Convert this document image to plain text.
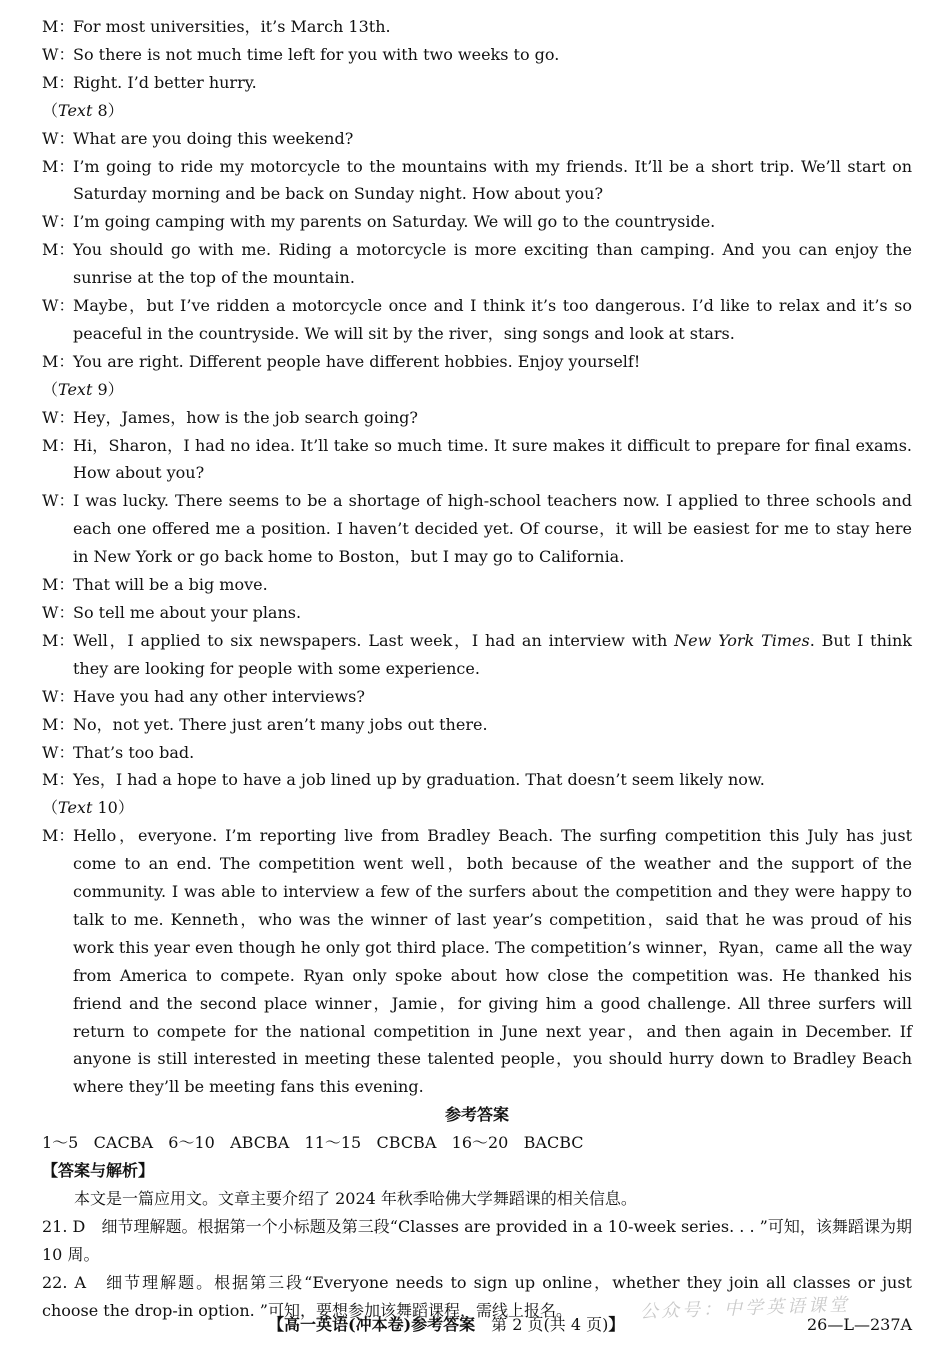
M：
For most universities，it’s March 13th.
W：
So there is not much time left for you with two weeks to go.
M：
Right. I’d better hurry.
（Text 8）
W：
What are you doing this weekend?
M：
I’m going to ride my motorcycle to the mountains with my friends. It’ll be a short trip. We’ll start on Saturday morning and be back on Sunday night. How about you?
W：
I’m going camping with my parents on Saturday. We will go to the countryside.
M：
You should go with me. Riding a motorcycle is more exciting than camping. And you can enjoy the sunrise at the top of the mountain.
W：
Maybe，but I’ve ridden a motorcycle once and I think it’s too dangerous. I’d like to relax and it’s so peaceful in the countryside. We will sit by the river，sing songs and look at stars.
M：
You are right. Different people have different hobbies. Enjoy yourself!
（Text 9）
W：
Hey，James，how is the job search going?
M：
Hi，Sharon，I had no idea. It’ll take so much time. It sure makes it difficult to prepare for final exams. How about you?
W：
I was lucky. There seems to be a shortage of high-school teachers now. I applied to three schools and each one offered me a position. I haven’t decided yet. Of course，it will be easiest for me to stay here in New York or go back home to Boston，but I may go to California.
M：
That will be a big move.
W：
So tell me about your plans.
M：
Well，I applied to six newspapers. Last week，I had an interview with New York Times. But I think they are looking for people with some experience.
W：
Have you had any other interviews?
M：
No，not yet. There just aren’t many jobs out there.
W：
That’s too bad.
M：
Yes，I had a hope to have a job lined up by graduation. That doesn’t seem likely now.
（Text 10）
M：
Hello，everyone. I’m reporting live from Bradley Beach. The surfing competition this July has just come to an end. The competition went well，both because of the weather and the support of the community. I was able to interview a few of the surfers about the competition and they were happy to talk to me. Kenneth，who was the winner of last year’s competition，said that he was proud of his work this year even though he only got third place. The competition’s winner，Ryan，came all the way from America to compete. Ryan only spoke about how close the competition was. He thanked his friend and the second place winner，Jamie，for giving him a good challenge. All three surfers will return to compete for the national competition in June next year，and then again in December. If anyone is still interested in meeting these talented people，you should hurry down to Bradley Beach where they’ll be meeting fans this evening.
参考答案
1～5 CACBA 6～10 ABCBA 11～15 CBCBA 16～20 BACBC
【答案与解析】
本文是一篇应用文。文章主要介绍了 2024 年秋季哈佛大学舞蹈课的相关信息。
21. D　 细节理解题。根据第一个小标题及第三段“Classes are provided in a 10-week series. . . ”可知，该舞蹈课为期 10 周。
22. A　 细节理解题。根据第三段“Everyone needs to sign up online，whether they join all classes or just choose the drop-in option. ”可知，要想参加该舞蹈课程，需线上报名。
【高一英语(冲本卷)参考答案　 第 2 页(共 4 页)】	26—L—237A
公众号：中学英语课堂
